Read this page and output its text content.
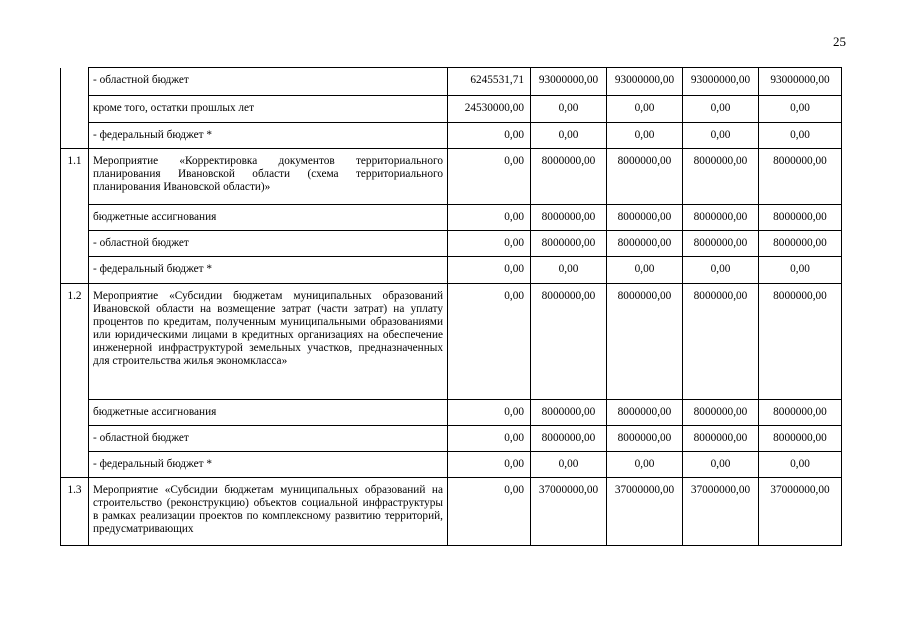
25
	- областной бюджет	6245531,71	93000000,00	93000000,00	93000000,00	93000000,00
	кроме того, остатки прошлых лет	24530000,00	0,00	0,00	0,00	0,00
	- федеральный бюджет *	0,00	0,00	0,00	0,00	0,00
1.1	Мероприятие «Корректировка документов территориального планирования Ивановской области (схема территориального планирования Ивановской области)»	0,00	8000000,00	8000000,00	8000000,00	8000000,00
	бюджетные ассигнования	0,00	8000000,00	8000000,00	8000000,00	8000000,00
	- областной бюджет	0,00	8000000,00	8000000,00	8000000,00	8000000,00
	- федеральный бюджет *	0,00	0,00	0,00	0,00	0,00
1.2	Мероприятие «Субсидии бюджетам муниципальных образований Ивановской области на возмещение затрат (части затрат) на уплату процентов по кредитам, полученным муниципальными образованиями или юридическими лицами в кредитных организациях на обеспечение инженерной инфраструктурой земельных участков, предназначенных для строительства жилья экономкласса»	0,00	8000000,00	8000000,00	8000000,00	8000000,00
	бюджетные ассигнования	0,00	8000000,00	8000000,00	8000000,00	8000000,00
	- областной бюджет	0,00	8000000,00	8000000,00	8000000,00	8000000,00
	- федеральный бюджет *	0,00	0,00	0,00	0,00	0,00
1.3	Мероприятие «Субсидии бюджетам муниципальных образований на строительство (реконструкцию) объектов социальной инфраструктуры в рамках реализации проектов по комплексному развитию территорий, предусматривающих	0,00	37000000,00	37000000,00	37000000,00	37000000,00
